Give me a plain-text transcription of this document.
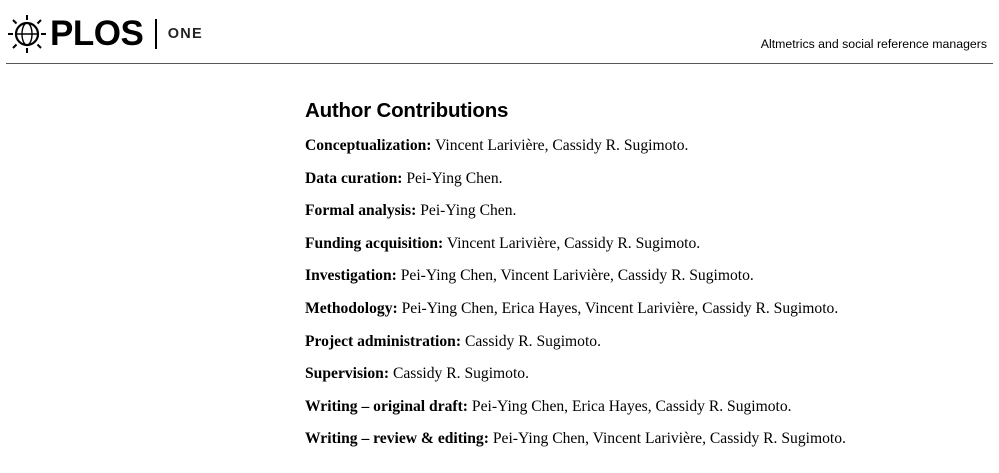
PLOS ONE
Altmetrics and social reference managers
Author Contributions
Conceptualization: Vincent Larivière, Cassidy R. Sugimoto.
Data curation: Pei-Ying Chen.
Formal analysis: Pei-Ying Chen.
Funding acquisition: Vincent Larivière, Cassidy R. Sugimoto.
Investigation: Pei-Ying Chen, Vincent Larivière, Cassidy R. Sugimoto.
Methodology: Pei-Ying Chen, Erica Hayes, Vincent Larivière, Cassidy R. Sugimoto.
Project administration: Cassidy R. Sugimoto.
Supervision: Cassidy R. Sugimoto.
Writing – original draft: Pei-Ying Chen, Erica Hayes, Cassidy R. Sugimoto.
Writing – review & editing: Pei-Ying Chen, Vincent Larivière, Cassidy R. Sugimoto.
